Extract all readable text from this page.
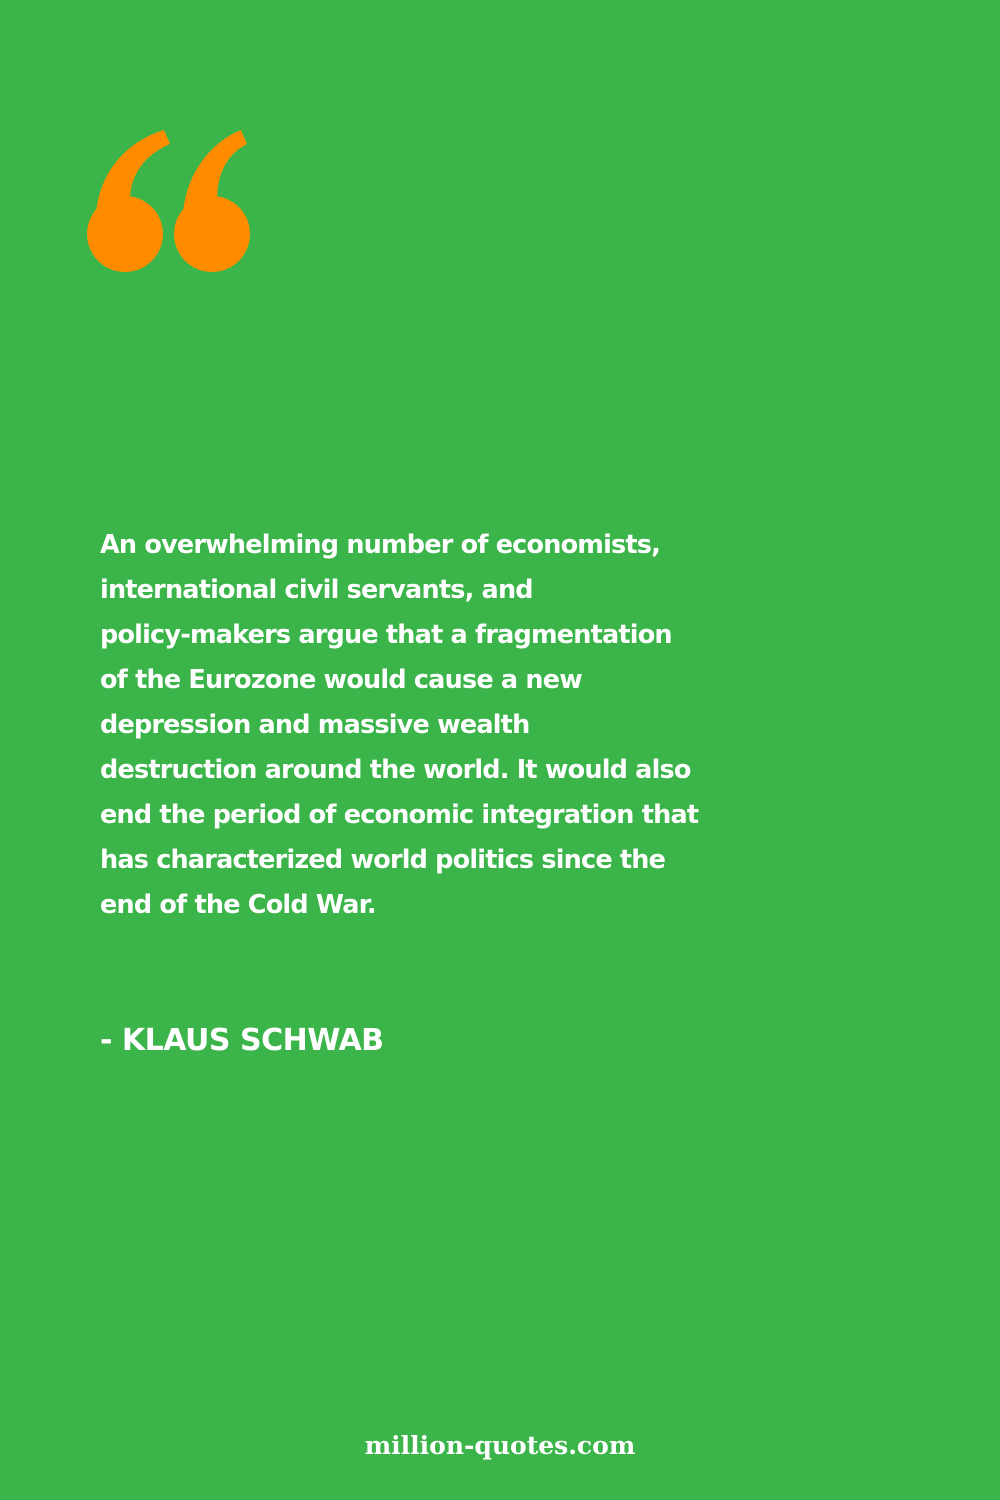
An overwhelming number of economists,
international civil servants, and
policy-makers argue that a fragmentation
of the Eurozone would cause a new
depression and massive wealth
destruction around the world. It would also
end the period of economic integration that
has characterized world politics since the
end of the Cold War.
- KLAUS SCHWAB
million-quotes.com
